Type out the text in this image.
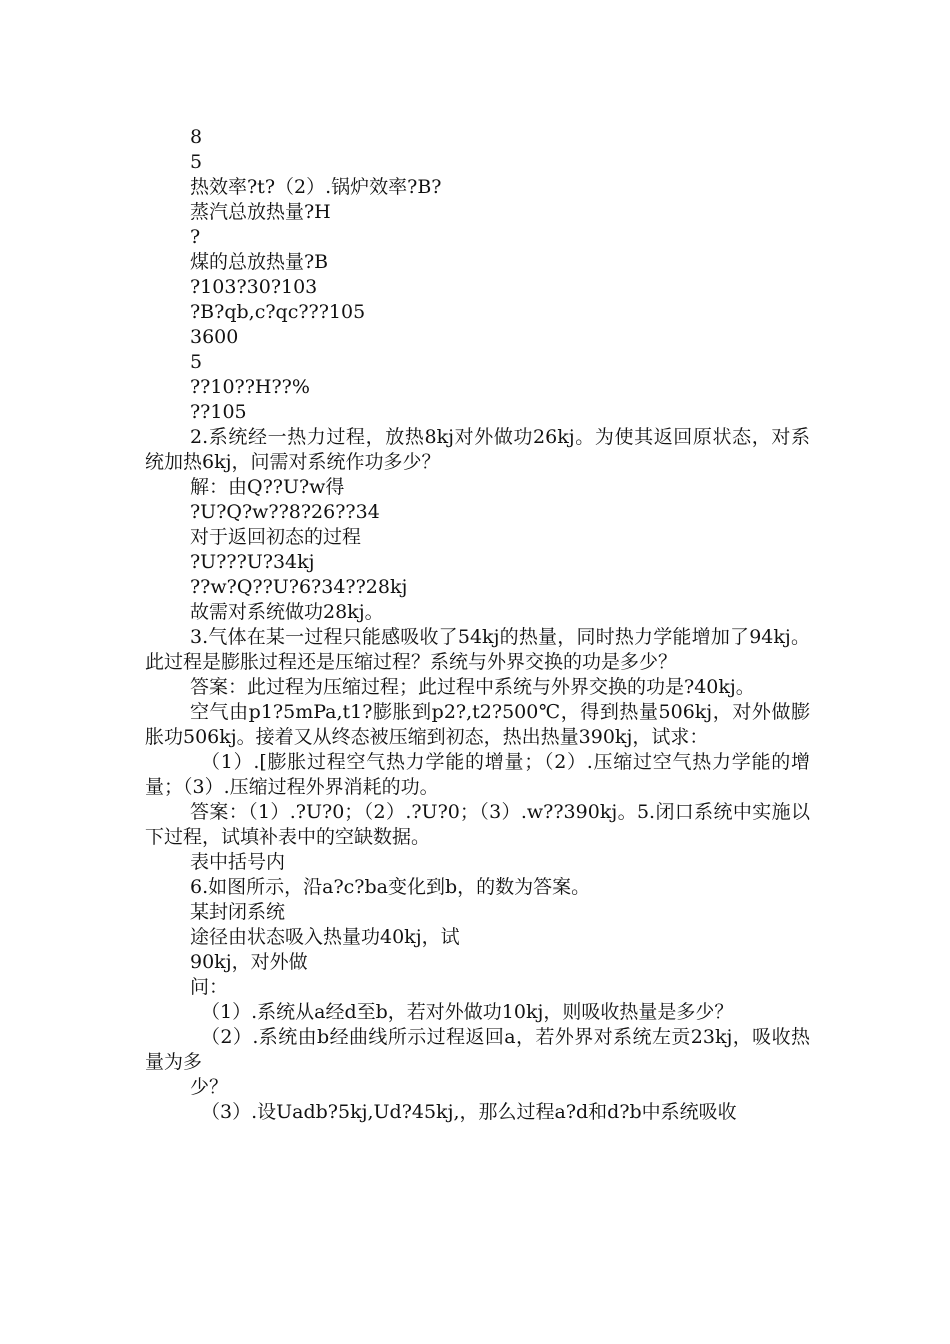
8
5
热效率?t?（2）.锅炉效率?B?
蒸汽总放热量?H
?
煤的总放热量?B
?103?30?103
?B?qb,c?qc???105
3600
5
??10??H??%
??105

2.系统经一热力过程，放热8kj对外做功26kj。为使其返回原状态，对系统加热6kj，问需对系统作功多少？

解：由Q??U?w得
?U?Q?w??8?26??34
对于返回初态的过程
?U???U?34kj
??w?Q??U?6?34??28kj
故需对系统做功28kj。

3.气体在某一过程只能感吸收了54kj的热量，同时热力学能增加了94kj。此过程是膨胀过程还是压缩过程？系统与外界交换的功是多少？

答案：此过程为压缩过程；此过程中系统与外界交换的功是?40kj。

空气由p1?5mPa,t1?膨胀到p2?,t2?500℃，得到热量506kj，对外做膨胀功506kj。接着又从终态被压缩到初态，热出热量390kj，试求：

（1）.[膨胀过程空气热力学能的增量；（2）.压缩过空气热力学能的增量；（3）.压缩过程外界消耗的功。

答案：（1）.?U?0；（2）.?U?0；（3）.w??390kj。5.闭口系统中实施以下过程，试填补表中的空缺数据。

表中括号内
6.如图所示，沿a?c?ba变化到b，的数为答案。
某封闭系统
途径由状态吸入热量功40kj，试
90kj，对外做
问：

（1）.系统从a经d至b，若对外做功10kj，则吸收热量是多少？

（2）.系统由b经曲线所示过程返回a，若外界对系统左贡23kj，吸收热量为多

少？

（3）.设Uadb?5kj,Ud?45kj,，那么过程a?d和d?b中系统吸收
